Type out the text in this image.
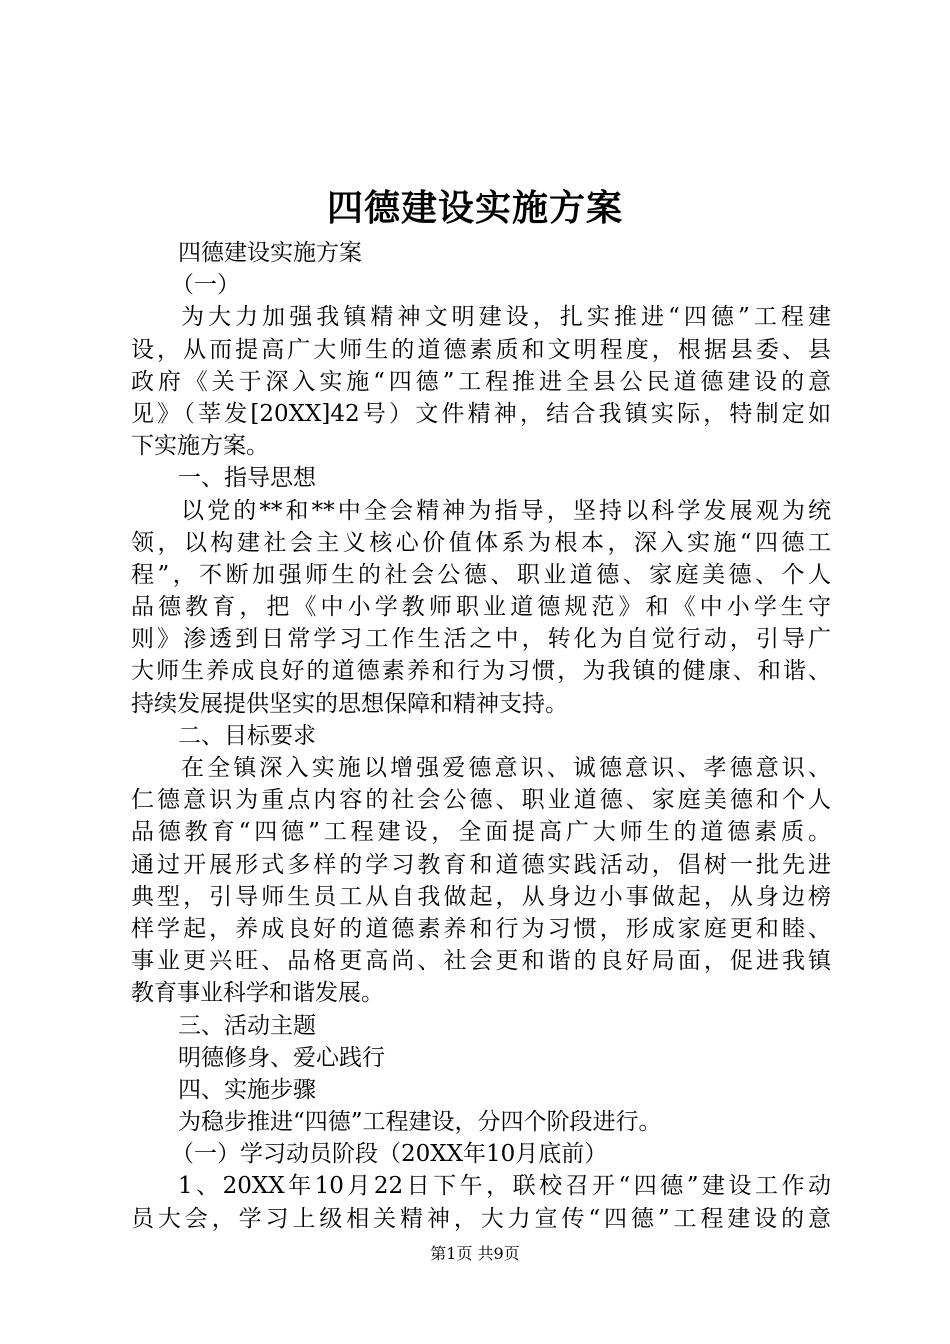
四德建设实施方案
四德建设实施方案
（一）
为大力加强我镇精神文明建设，扎实推进“四德”工程建
设，从而提高广大师生的道德素质和文明程度，根据县委、县
政府《关于深入实施“四德”工程推进全县公民道德建设的意
见》（莘发[20XX]42号）文件精神，结合我镇实际，特制定如
下实施方案。
一、指导思想
以党的**和**中全会精神为指导，坚持以科学发展观为统
领，以构建社会主义核心价值体系为根本，深入实施“四德工
程”，不断加强师生的社会公德、职业道德、家庭美德、个人
品德教育，把《中小学教师职业道德规范》和《中小学生守
则》渗透到日常学习工作生活之中，转化为自觉行动，引导广
大师生养成良好的道德素养和行为习惯，为我镇的健康、和谐、
持续发展提供坚实的思想保障和精神支持。
二、目标要求
在全镇深入实施以增强爱德意识、诚德意识、孝德意识、
仁德意识为重点内容的社会公德、职业道德、家庭美德和个人
品德教育“四德”工程建设，全面提高广大师生的道德素质。
通过开展形式多样的学习教育和道德实践活动，倡树一批先进
典型，引导师生员工从自我做起，从身边小事做起，从身边榜
样学起，养成良好的道德素养和行为习惯，形成家庭更和睦、
事业更兴旺、品格更高尚、社会更和谐的良好局面，促进我镇
教育事业科学和谐发展。
三、活动主题
明德修身、爱心践行
四、实施步骤
为稳步推进“四德”工程建设，分四个阶段进行。
（一）学习动员阶段（20XX年10月底前）
1、20XX年10月22日下午，联校召开“四德”建设工作动
员大会，学习上级相关精神，大力宣传“四德”工程建设的意
第1页 共9页
